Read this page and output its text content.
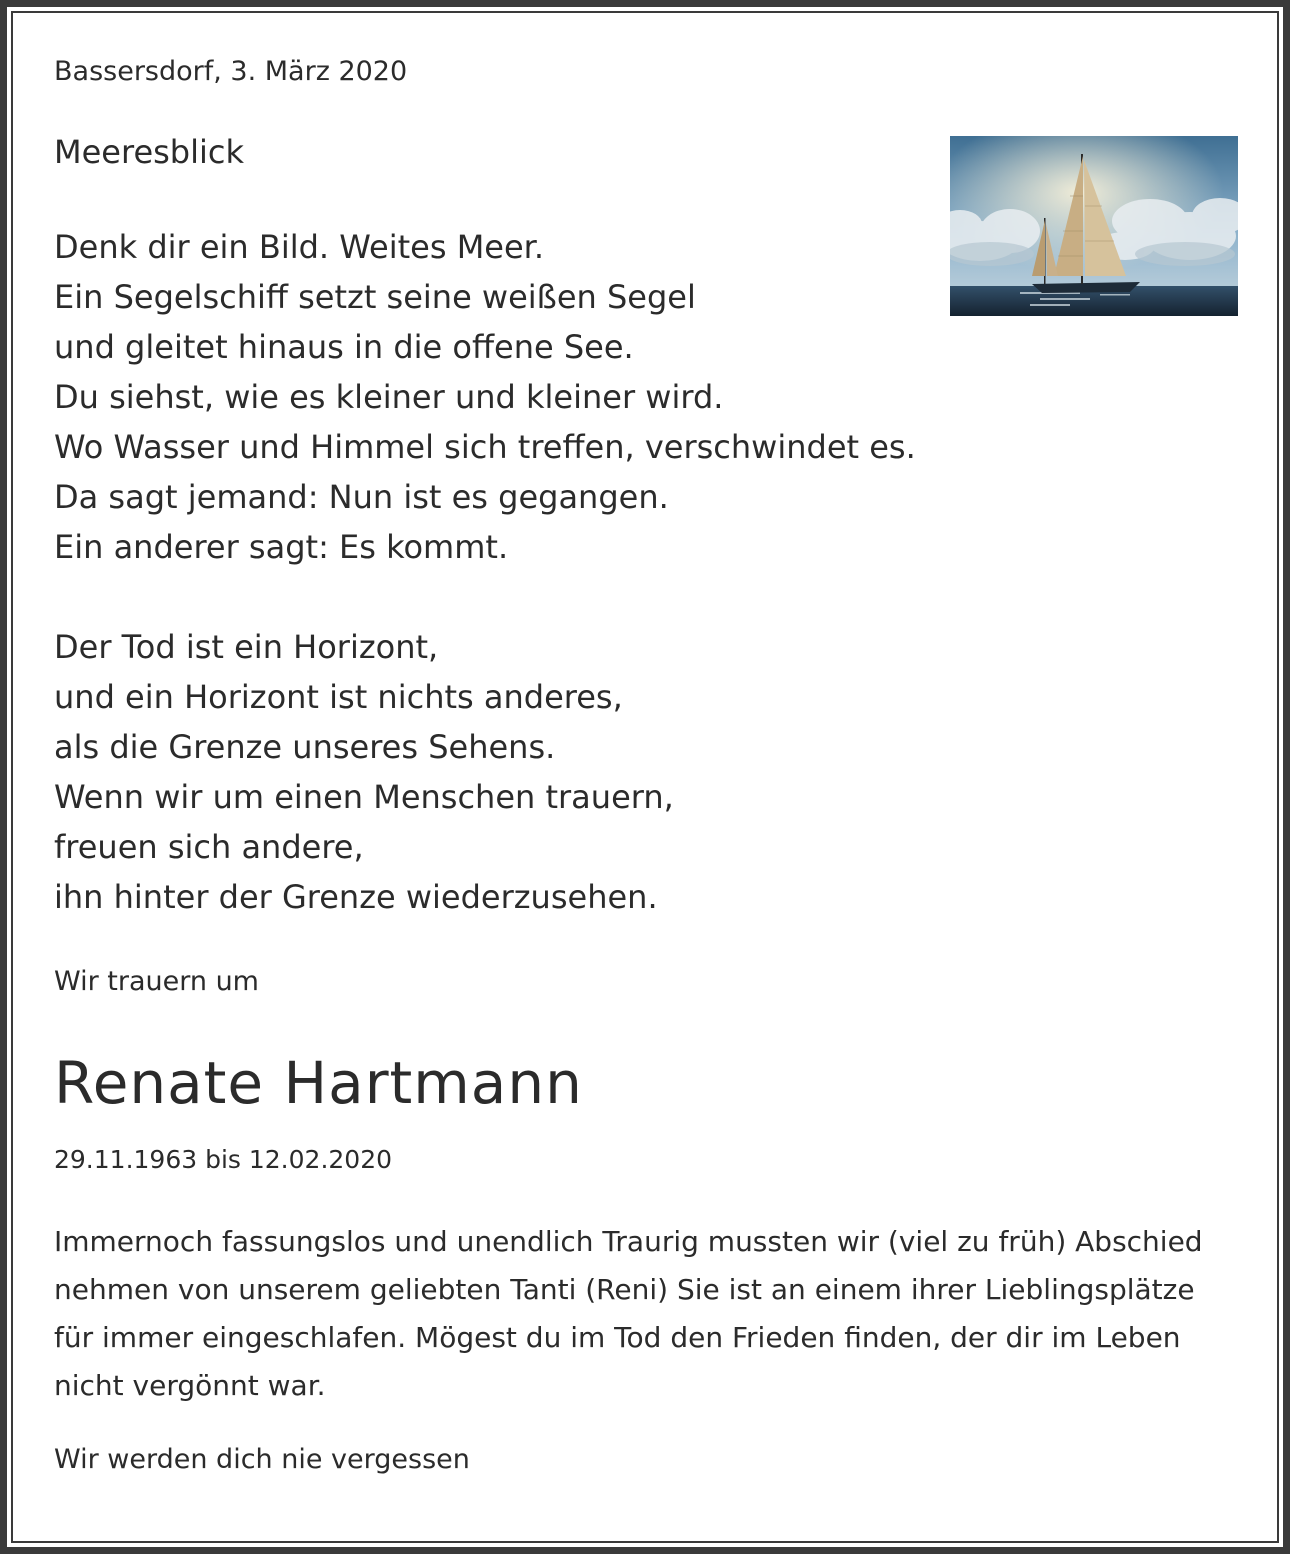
Bassersdorf, 3. März 2020

Meeresblick

Denk dir ein Bild. Weites Meer.
Ein Segelschiff setzt seine weißen Segel
und gleitet hinaus in die offene See.
Du siehst, wie es kleiner und kleiner wird.
Wo Wasser und Himmel sich treffen, verschwindet es.
Da sagt jemand: Nun ist es gegangen.
Ein anderer sagt: Es kommt.
Der Tod ist ein Horizont,
und ein Horizont ist nichts anderes,
als die Grenze unseres Sehens.
Wenn wir um einen Menschen trauern,
freuen sich andere,
ihn hinter der Grenze wiederzusehen.

Wir trauern um

Renate Hartmann

29.11.1963 bis 12.02.2020

Immernoch fassungslos und unendlich Traurig mussten wir (viel zu früh) Abschied nehmen von unserem geliebten Tanti (Reni) Sie ist an einem ihrer Lieblingsplätze für immer eingeschlafen. Mögest du im Tod den Frieden finden, der dir im Leben nicht vergönnt war.

Wir werden dich nie vergessen
